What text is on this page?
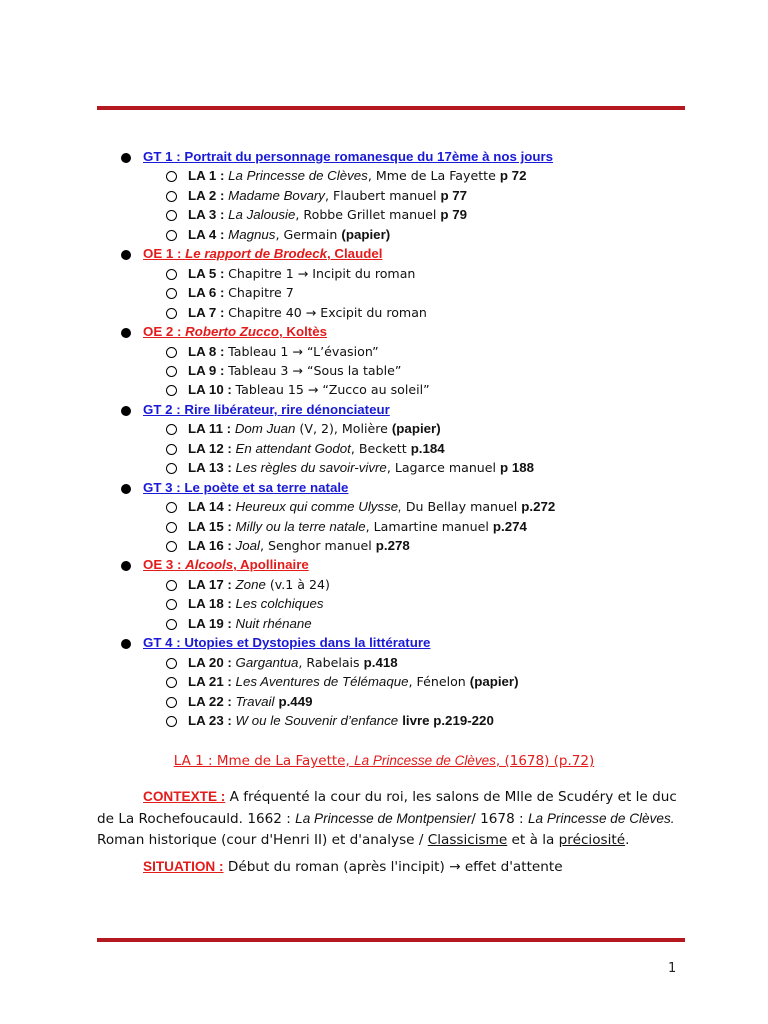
GT 1 : Portrait du personnage romanesque du 17ème à nos jours
LA 1 : La Princesse de Clèves, Mme de La Fayette p 72
LA 2 : Madame Bovary, Flaubert manuel p 77
LA 3 : La Jalousie, Robbe Grillet manuel p 79
LA 4 : Magnus, Germain (papier)
OE 1 : Le rapport de Brodeck, Claudel
LA 5 : Chapitre 1 → Incipit du roman
LA 6 : Chapitre 7
LA 7 : Chapitre 40 → Excipit du roman
OE 2 : Roberto Zucco, Koltès
LA 8 : Tableau 1 → “L’évasion”
LA 9 : Tableau 3 → “Sous la table”
LA 10 : Tableau 15 → “Zucco au soleil”
GT 2 : Rire libérateur, rire dénonciateur
LA 11 : Dom Juan (V, 2), Molière (papier)
LA 12 : En attendant Godot, Beckett p.184
LA 13 : Les règles du savoir-vivre, Lagarce manuel p 188
GT 3 : Le poète et sa terre natale
LA 14 : Heureux qui comme Ulysse, Du Bellay manuel p.272
LA 15 : Milly ou la terre natale, Lamartine manuel p.274
LA 16 : Joal, Senghor manuel p.278
OE 3 : Alcools, Apollinaire
LA 17 : Zone (v.1 à 24)
LA 18 : Les colchiques
LA 19 : Nuit rhénane
GT 4 : Utopies et Dystopies dans la littérature
LA 20 : Gargantua, Rabelais p.418
LA 21 : Les Aventures de Télémaque, Fénelon (papier)
LA 22 : Travail p.449
LA 23 : W ou le Souvenir d’enfance livre p.219-220
LA 1 : Mme de La Fayette, La Princesse de Clèves, (1678) (p.72)
CONTEXTE : A fréquenté la cour du roi, les salons de Mlle de Scudéry et le duc de La Rochefoucauld. 1662 : La Princesse de Montpensier/ 1678 : La Princesse de Clèves. Roman historique (cour d'Henri II) et d'analyse / Classicisme et à la préciosité.
SITUATION : Début du roman (après l'incipit) → effet d'attente
1
